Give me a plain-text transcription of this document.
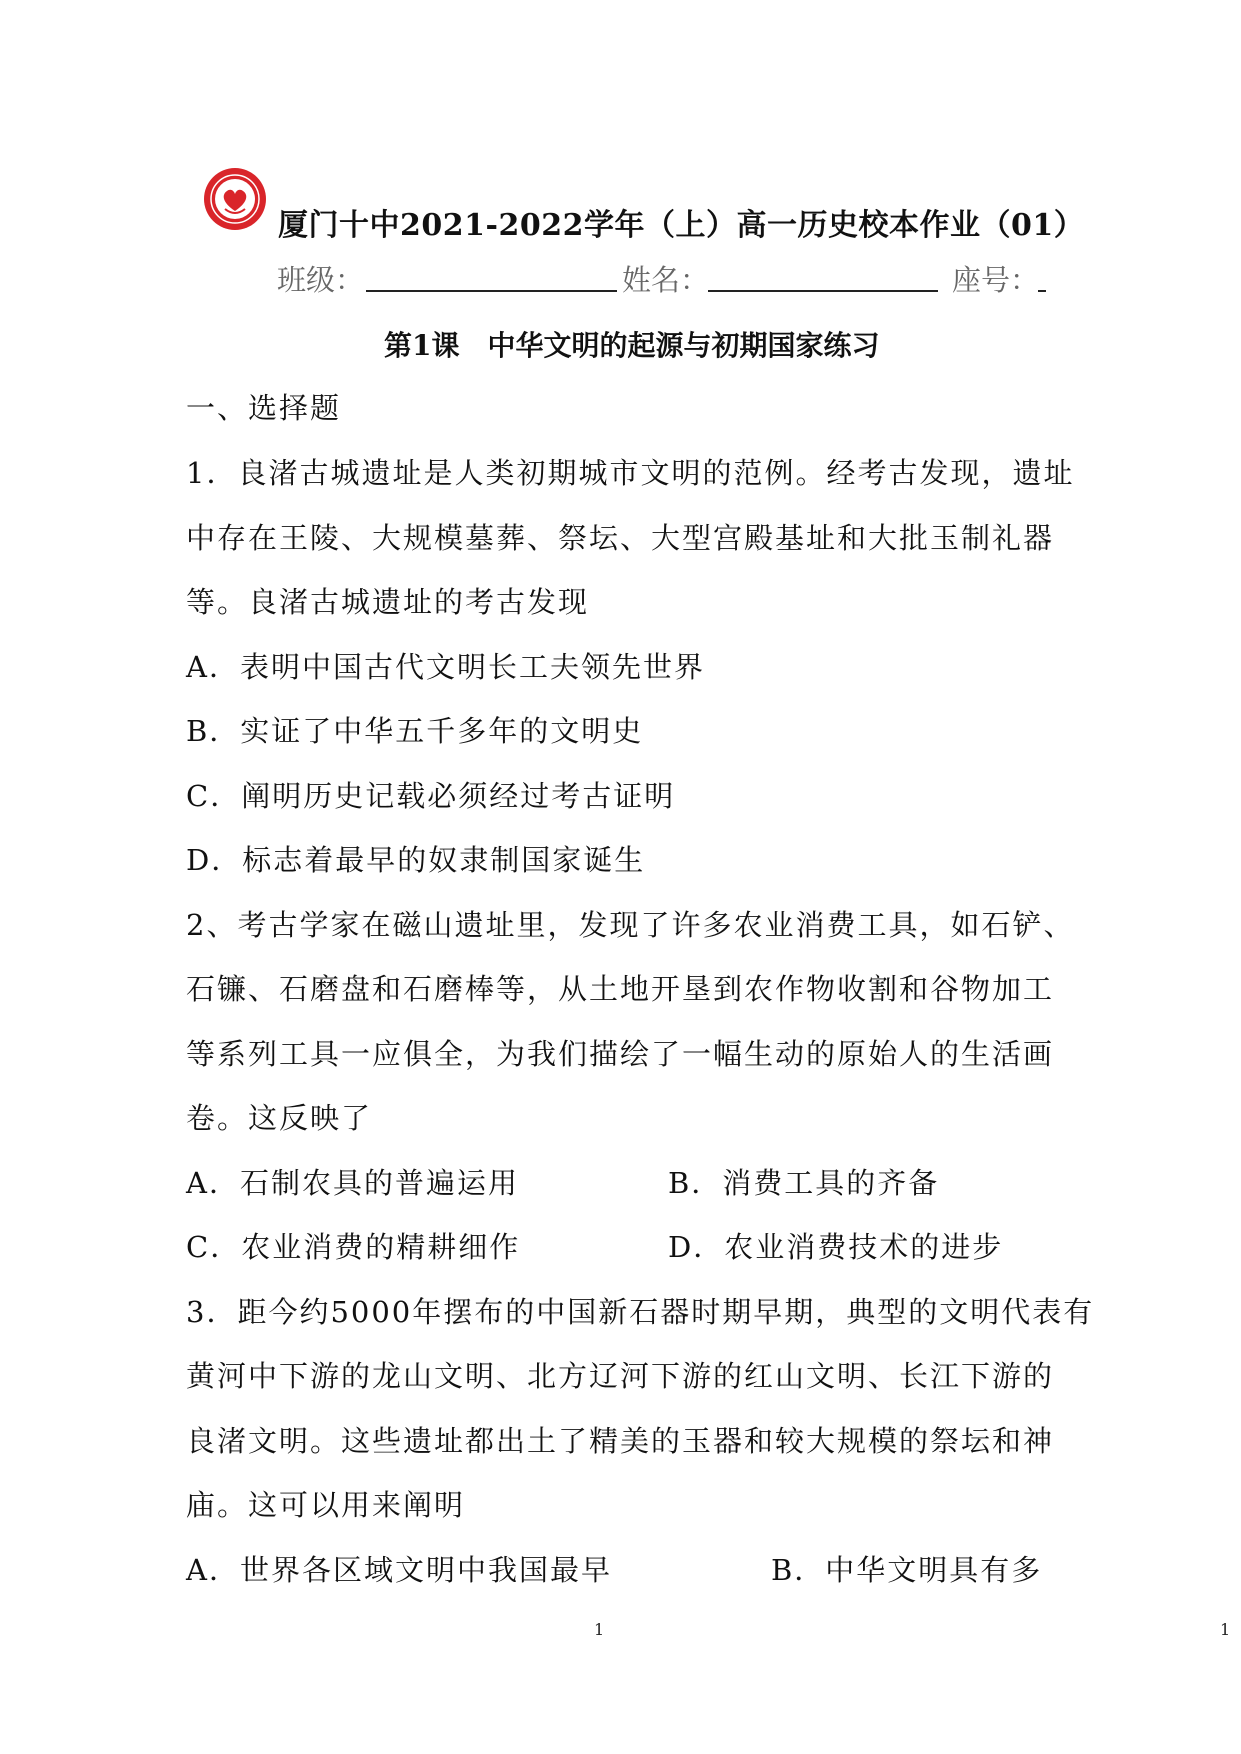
厦门十中2021-2022学年（上）高一历史校本作业（01）
班级：	姓名：	座号：
第1课　中华文明的起源与初期国家练习
一、选择题
1．良渚古城遗址是人类初期城市文明的范例。经考古发现，遗址
中存在王陵、大规模墓葬、祭坛、大型宫殿基址和大批玉制礼器
等。良渚古城遗址的考古发现
A．表明中国古代文明长工夫领先世界
B．实证了中华五千多年的文明史
C．阐明历史记载必须经过考古证明
D．标志着最早的奴隶制国家诞生
2、考古学家在磁山遗址里，发现了许多农业消费工具，如石铲、
石镰、石磨盘和石磨棒等，从土地开垦到农作物收割和谷物加工
等系列工具一应俱全，为我们描绘了一幅生动的原始人的生活画
卷。这反映了
A．石制农具的普遍运用	B．消费工具的齐备
C．农业消费的精耕细作	D．农业消费技术的进步
3．距今约5000年摆布的中国新石器时期早期，典型的文明代表有
黄河中下游的龙山文明、北方辽河下游的红山文明、长江下游的
良渚文明。这些遗址都出土了精美的玉器和较大规模的祭坛和神
庙。这可以用来阐明
A．世界各区域文明中我国最早	B．中华文明具有多
1	1
